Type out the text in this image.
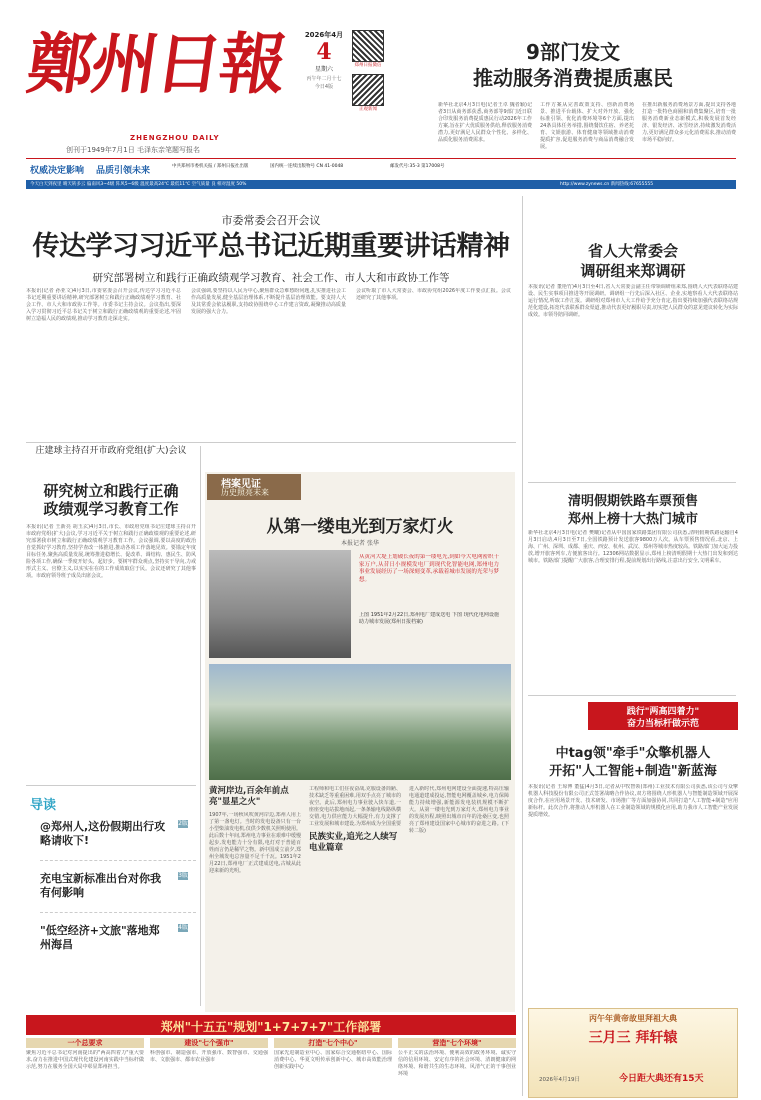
鄭州日報
ZHENGZHOU DAILY
创刊于1949年7月1日 毛泽东亲笔题写报名
2026年4月
4
星期六
丙午年二月十七
今日4版
郑州日报微信
正观新闻
权威决定影响 品质引领未来	中共郑州市委机关报 / 郑州日报社出版	国内统一连续出版物号 CN 41-0048	邮发代号:35-3 第17008号
今天白天到夜里 晴天转多云 偏南风3~4级 阵风5~6级 温度最高24℃ 最低11℃ 空气质量 良 相对湿度 50%	http://www.zynews.cn 新闻热线:67655555
9部门发文
推动服务消费提质惠民
新华社北京4月3日电(记者王卓 魏者颖)记者3日从商务部获悉,商务部等9部门近日联合印发服务消费提质惠民行动2026年工作方案,旨在扩大优质服务供给,释放服务消费潜力,更好满足人民群众个性化、多样化、品质化服务消费需求。
工作方案从完善政策支持、创新消费场景、推进平台载体、扩大对外开放、强化标准引领、优化消费环境等6个方面,提出24条具体任务举措,围绕餐饮住宿、养老托育、文娱旅游、体育健康等领域推动消费提质扩容,促进服务消费与商品消费融合发展。
在推出新服务消费场景方面,提出支持各地打造一批特色商圈和消费集聚区,培育一批服务消费新业态新模式,积极发展首发经济、银发经济、冰雪经济,持续激发消费活力,更好满足群众多元化消费需求,推动消费市场平稳向好。
市委常委会召开会议
传达学习习近平总书记近期重要讲话精神
研究部署树立和践行正确政绩观学习教育、社会工作、市人大和市政协工作等
本报讯(记者 孙亚文)4月3日,市委常委会召开会议,传达学习习近平总书记近期重要讲话精神,研究部署树立和践行正确政绩观学习教育、社会工作、市人大和市政协工作等。市委书记主持会议。会议指出,要深入学习贯彻习近平总书记关于树立和践行正确政绩观的重要论述,牢固树立造福人民的政绩观,推动学习教育走深走实。
会议强调,要坚持以人民为中心,聚焦群众急难愁盼问题,扎实推进社会工作高质量发展,健全基层治理体系,不断提升基层治理效能。要支持人大及其常委会依法履职,支持政协围绕中心工作建言资政,凝聚推动高质量发展的强大合力。
会议听取了市人大常委会、市政协党组2026年度工作要点汇报。会议还研究了其他事项。
省人大常委会
调研组来郑调研
本报讯(记者 董艳竹)4月3日至4日,省人大常委会副主任带领调研组来郑,围绕人大代表联络站建设、民生实事项目推进等开展调研。调研组一行先后深入社区、企业,实地察看人大代表联络站运行情况,听取工作汇报。调研组对郑州市人大工作给予充分肯定,指出要持续加强代表联络站规范化建设,拓宽代表联系群众渠道,推动代表更好履职尽责,切实把人民群众的意见建议转化为实际成效。市领导陪同调研。
庄建球主持召开市政府党组(扩大)会议
研究树立和践行正确
政绩观学习教育工作
本报讯(记者 王新亮 胡玉玄)4月3日,市长、市政府党组书记庄建球主持召开市政府党组(扩大)会议,学习习近平关于树立和践行正确政绩观的重要论述,研究部署我市树立和践行正确政绩观学习教育工作。会议强调,要以高度的政治自觉抓好学习教育,坚持学查改一体推进,推动各项工作落地见效。要锚定年度目标任务,聚焦高质量发展,统筹推进稳增长、促改革、调结构、惠民生、防风险各项工作,确保一季度开好头、起好步。要树牢群众观点,坚持实干导向,力戒形式主义、官僚主义,以实实在在的工作成效取信于民。会议还研究了其他事项。市政府领导班子成员出席会议。
导读
@郑州人,这份假期出行攻略请收下!
2版
充电宝新标准出台对你我有何影响
3版
"低空经济+文旅"落地郑州海昌
4版
档案见证
历史照亮未来
从第一缕电光到万家灯火
本报记者 张华
从黄河大堤上划破长夜的第一缕电光,到如今大电网密织千家万户,从昔日小规模发电厂到现代化智能电网,郑州电力事业发展经历了一场深刻变革,承载着城市发展的光荣与梦想。
上图 1951年2月22日,郑州电厂建成送电 下图 现代化电网设施助力城市发展(郑州日报档案)
黄河岸边,百余年前点亮"显星之火"
1907年,一场秋风吹黄河岸边,郑州人用上了第一盏电灯。当时的发电设备只有一台小型柴油发电机,仅供少数机关照明使用。此后数十年间,郑州电力事业在艰难中缓慢起步,发电能力十分有限,电灯对于普通百姓而言仍是稀罕之物。新中国成立前夕,郑州全城发电总容量不足千千瓦。1951年2月22日,郑州电厂正式建成送电,古城从此迎来新的光明。
工程师和电工们昼夜奋战,克服设备简陋、技术缺乏等重重困难,用双手点亮了城市的夜空。此后,郑州电力事业驶入快车道,一座座变电站拔地而起,一条条输电线路纵横交错,电力供应能力大幅提升,有力支撑了工业发展和城市建设,为郑州成为全国重要
民族实业,追光之人续写电业篇章
进入新时代,郑州电网建设全面提速,特高压输电通道建成投运,智能电网覆盖城乡,电力保障能力持续增强,新能源发电装机规模不断扩大。从第一缕电光到万家灯火,郑州电力事业的发展历程,映照出城市百年的沧桑巨变,也照亮了郑州建设国家中心城市的奋进之路。(下转二版)
清明假期铁路车票预售
郑州上榜十大热门城市
新华社北京4月3日电(记者 樊曦)记者从中国国家铁路集团有限公司获悉,清明假期铁路运输自4月3日启动,4月3日至7日,全国铁路预计发送旅客9800万人次。从车票预售情况看,北京、上海、广州、深圳、成都、重庆、西安、杭州、武汉、郑州等城市热度较高。铁路部门加大运力投放,增开旅客列车,方便旅客出行。12306网站数据显示,郑州上榜清明假期十大热门出发和到达城市。铁路部门提醒广大旅客,合理安排行程,提前规划出行路线,注意出行安全,文明乘车。
践行"两高四着力"
奋力当标杆做示范
中tag领"牵手"众擎机器人
开拓"人工智能+制造"新蓝海
本报讯(记者 王琼博 董猛)4月3日,记者从中牧智领(郑州)工业技术有限公司获悉,该公司与众擎机器人科技股份有限公司正式签署战略合作协议,双方将围绕人形机器人与智能制造领域开展深度合作,在应用场景开发、技术研发、市场推广等方面加强协同,共同打造"人工智能+制造"应用新标杆。此次合作,将推动人形机器人在工业制造领域的规模化应用,助力我市人工智能产业发展提质增效。
郑州"十五五"规划"1+7+7+7"工作部署
一个总要求
聚焦习近平总书记对河南提出的"两高四着力"重大要求,奋力在推进中国式现代化建设河南实践中当标杆做示范,努力在服务全国大局中彰显郑州担当。
建设"七个强市"
科创强市、制造强市、开放强市、数智强市、交通强市、文旅强市、都市农业强市
打造"七个中心"
国家先进制造业中心、国家综合交通枢纽中心、国际消费中心、华夏文明传承创新中心、城市高效能治理创新实践中心
营造"七个环境"
公平正义的法治环境、便利高效的政务环境、诚实守信的信用环境、安定有序的社会环境、清朗健康的网络环境、和谐共生的生态环境、风清气正的干事创业环境
丙午年黄帝故里拜祖大典
三月三 拜轩辕
2026年4月19日	今日距大典还有15天
